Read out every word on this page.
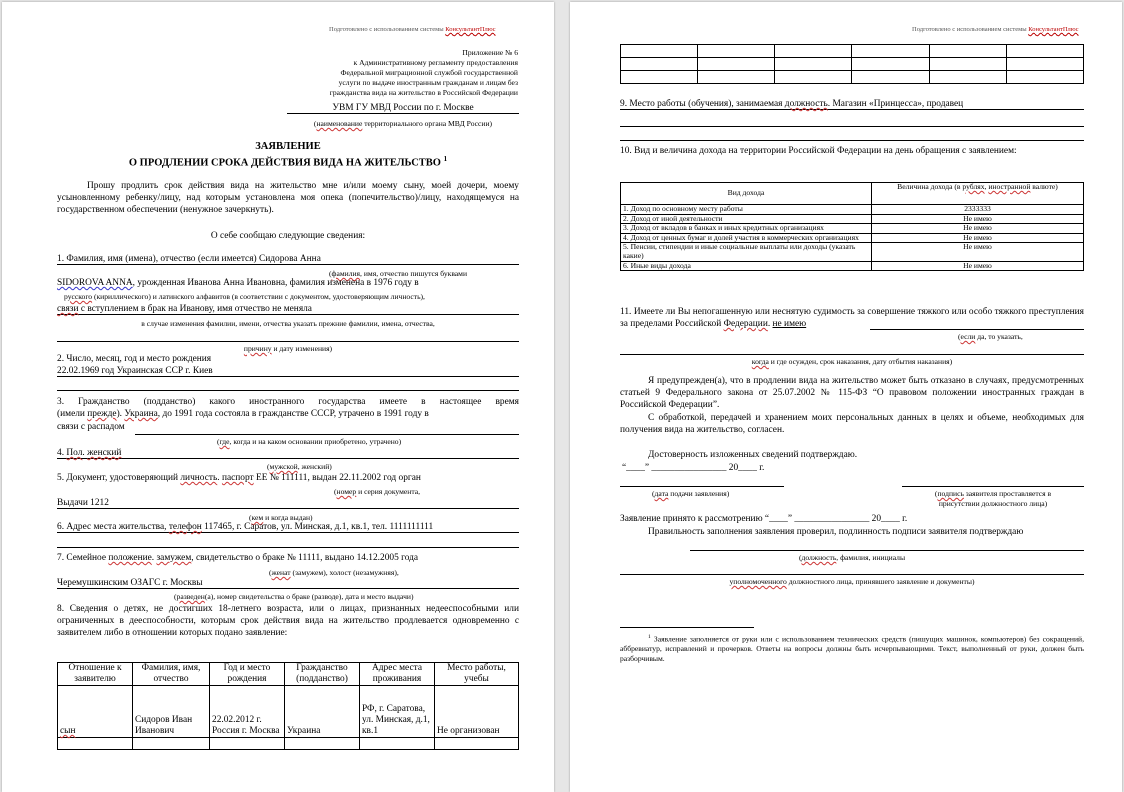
Подготовлено с использованием системы КонсультантПлюс
Приложение № 6
к Административному регламенту предоставления
Федеральной миграционной службой государственной
услуги по выдаче иностранным гражданам и лицам без
гражданства вида на жительство в Российской Федерации
УВМ ГУ МВД России по г. Москве
(наименование территориального органа МВД России)
ЗАЯВЛЕНИЕ
О ПРОДЛЕНИИ СРОКА ДЕЙСТВИЯ ВИДА НА ЖИТЕЛЬСТВО $^1$
Прошу продлить срок действия вида на жительство мне и/или моему сыну, моей дочери, моему усыновленному ребенку/лицу, над которым установлена моя опека (попечительство)/лицу, находящемуся на государственном обеспечении (ненужное зачеркнуть).
О себе сообщаю следующие сведения:
1. Фамилия, имя (имена), отчество (если имеется) Сидорова Анна
(фамилия, имя, отчество пишутся буквами
SIDOROVA ANNA, урожденная Иванова Анна Ивановна, фамилия изменена в 1976 году в
русского (кириллического) и латинского алфавитов (в соответствии с документом, удостоверяющим личность),
связи с вступлением в брак на Иванову, имя отчество не меняла
в случае изменения фамилии, имени, отчества указать прежние фамилии, имена, отчества,
причину и дату изменения)
2. Число, месяц, год и место рождения
22.02.1969 год Украинская ССР г. Киев
3. Гражданство (подданство) какого иностранного государства имеете в настоящее время
(имели прежде). Украина, до 1991 года состояла в гражданстве СССР, утрачено в 1991 году в
связи с распадом
(где, когда и на каком основании приобретено, утрачено)
4. Пол. женский
(мужской, женский)
5. Документ, удостоверяющий личность. паспорт ЕЕ № 111111, выдан 22.11.2002 год орган
(номер и серия документа,
Выдачи 1212
(кем и когда выдан)
6. Адрес места жительства, телефон 117465, г. Саратов, ул. Минская, д.1, кв.1, тел. 1111111111
7. Семейное положение. замужем, свидетельство о браке № 11111, выдано 14.12.2005 года
(женат (замужем), холост (незамужняя),
Черемушкинским ОЗАГС г. Москвы
(разведен(а), номер свидетельства о браке (разводе), дата и место выдачи)
8. Сведения о детях, не достигших 18-летнего возраста, или о лицах, признанных недееспособными или ограниченных в дееспособности, которым срок действия вида на жительство продлевается одновременно с заявителем либо в отношении которых подано заявление:
Отношение к заявителю	Фамилия, имя, отчество	Год и место рождения	Гражданство (подданство)	Адрес места проживания	Место работы, учебы
сын	Сидоров Иван Иванович	22.02.2012 г. Россия г. Москва	Украина	РФ, г. Саратова, ул. Минская, д.1, кв.1	Не организован

Подготовлено с использованием системы КонсультантПлюс

9. Место работы (обучения), занимаемая должность. Магазин «Принцесса», продавец
10. Вид и величина дохода на территории Российской Федерации на день обращения с заявлением:
Вид дохода	Величина дохода (в рублях, иностранной валюте)
1. Доход по основному месту работы	2333333
2. Доход от иной деятельности	Не имею
3. Доход от вкладов в банках и иных кредитных организациях	Не имею
4. Доход от ценных бумаг и долей участия в коммерческих организациях	Не имею
5. Пенсии, стипендии и иные социальные выплаты или доходы (указать какие)	Не имею
6. Иные виды дохода	Не имею
11. Имеете ли Вы непогашенную или неснятую судимость за совершение тяжкого или особо тяжкого преступления за пределами Российской Федерации. не имею
(если да, то указать,
когда и где осужден, срок наказания, дату отбытия наказания)
Я предупрежден(а), что в продлении вида на жительство может быть отказано в случаях, предусмотренных статьей 9 Федерального закона от 25.07.2002 № 115-ФЗ “О правовом положении иностранных граждан в Российской Федерации”.
С обработкой, передачей и хранением моих персональных данных в целях и объеме, необходимых для получения вида на жительство, согласен.
Достоверность изложенных сведений подтверждаю.
“____” ________________ 20____ г.
(дата подачи заявления)	(подпись заявителя проставляется в
присутствии должностного лица)
Заявление принято к рассмотрению “____” ________________ 20____ г.
Правильность заполнения заявления проверил, подлинность подписи заявителя подтверждаю
(должность, фамилия, инициалы
уполномоченного должностного лица, принявшего заявление и документы)
$^1$ Заявление заполняется от руки или с использованием технических средств (пишущих машинок, компьютеров) без сокращений, аббревиатур, исправлений и прочерков. Ответы на вопросы должны быть исчерпывающими. Текст, выполненный от руки, должен быть разборчивым.
